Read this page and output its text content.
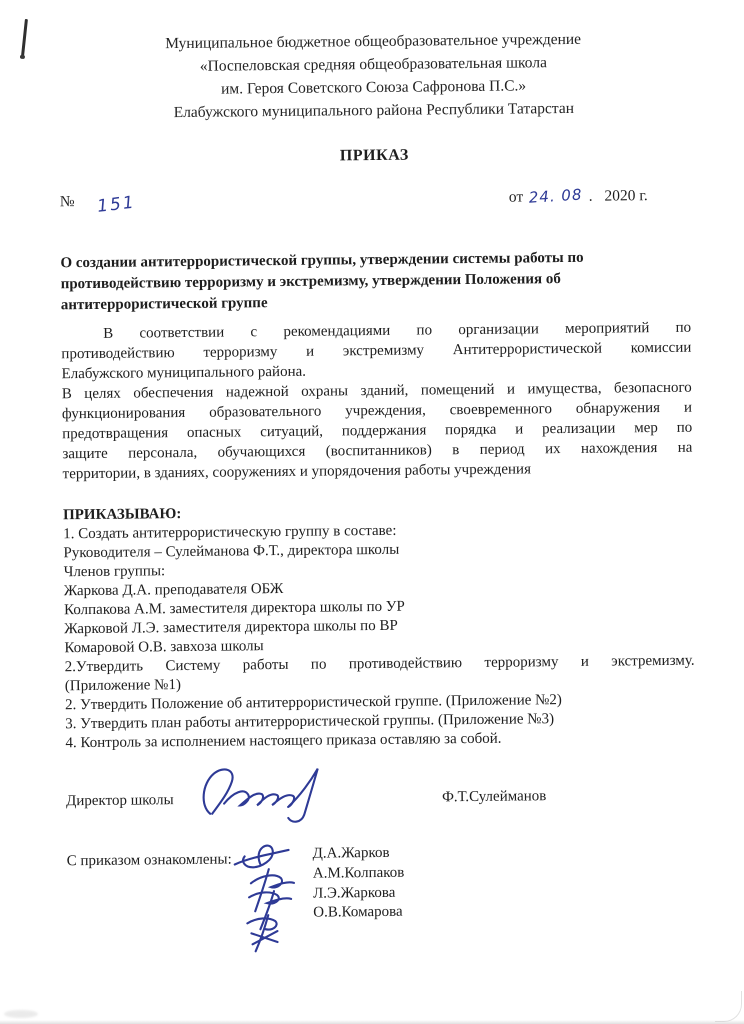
Муниципальное бюджетное общеобразовательное учреждение
«Поспеловская средняя общеобразовательная школа
им. Героя Советского Союза Сафронова П.С.»
Елабужского муниципального района Республики Татарстан
ПРИКАЗ
№ 151	от 24. 08 . 2020 г.
О создании антитеррористической группы, утверждении системы работы по
противодействию терроризму и экстремизму, утверждении Положения об
антитеррористической группе
В соответствии с рекомендациями по организации мероприятий по
противодействию терроризму и экстремизму Антитеррористической комиссии
Елабужского муниципального района.
В целях обеспечения надежной охраны зданий, помещений и имущества, безопасного
функционирования образовательного учреждения, своевременного обнаружения и
предотвращения опасных ситуаций, поддержания порядка и реализации мер по
защите персонала, обучающихся (воспитанников) в период их нахождения на
территории, в зданиях, сооружениях и упорядочения работы учреждения
ПРИКАЗЫВАЮ:
1. Создать антитеррористическую группу в составе:
Руководителя – Сулейманова Ф.Т., директора школы
Членов группы:
Жаркова Д.А. преподавателя ОБЖ
Колпакова А.М. заместителя директора школы по УР
Жарковой Л.Э. заместителя директора школы по ВР
Комаровой О.В. завхоза школы
2.Утвердить Систему работы по противодействию терроризму и экстремизму.
(Приложение №1)
2. Утвердить Положение об антитеррористической группе. (Приложение №2)
3. Утвердить план работы антитеррористической группы. (Приложение №3)
4. Контроль за исполнением настоящего приказа оставляю за собой.
Директор школы	Ф.Т.Сулейманов
С приказом ознакомлены:	Д.А.Жарков
А.М.Колпаков
Л.Э.Жаркова
О.В.Комарова
